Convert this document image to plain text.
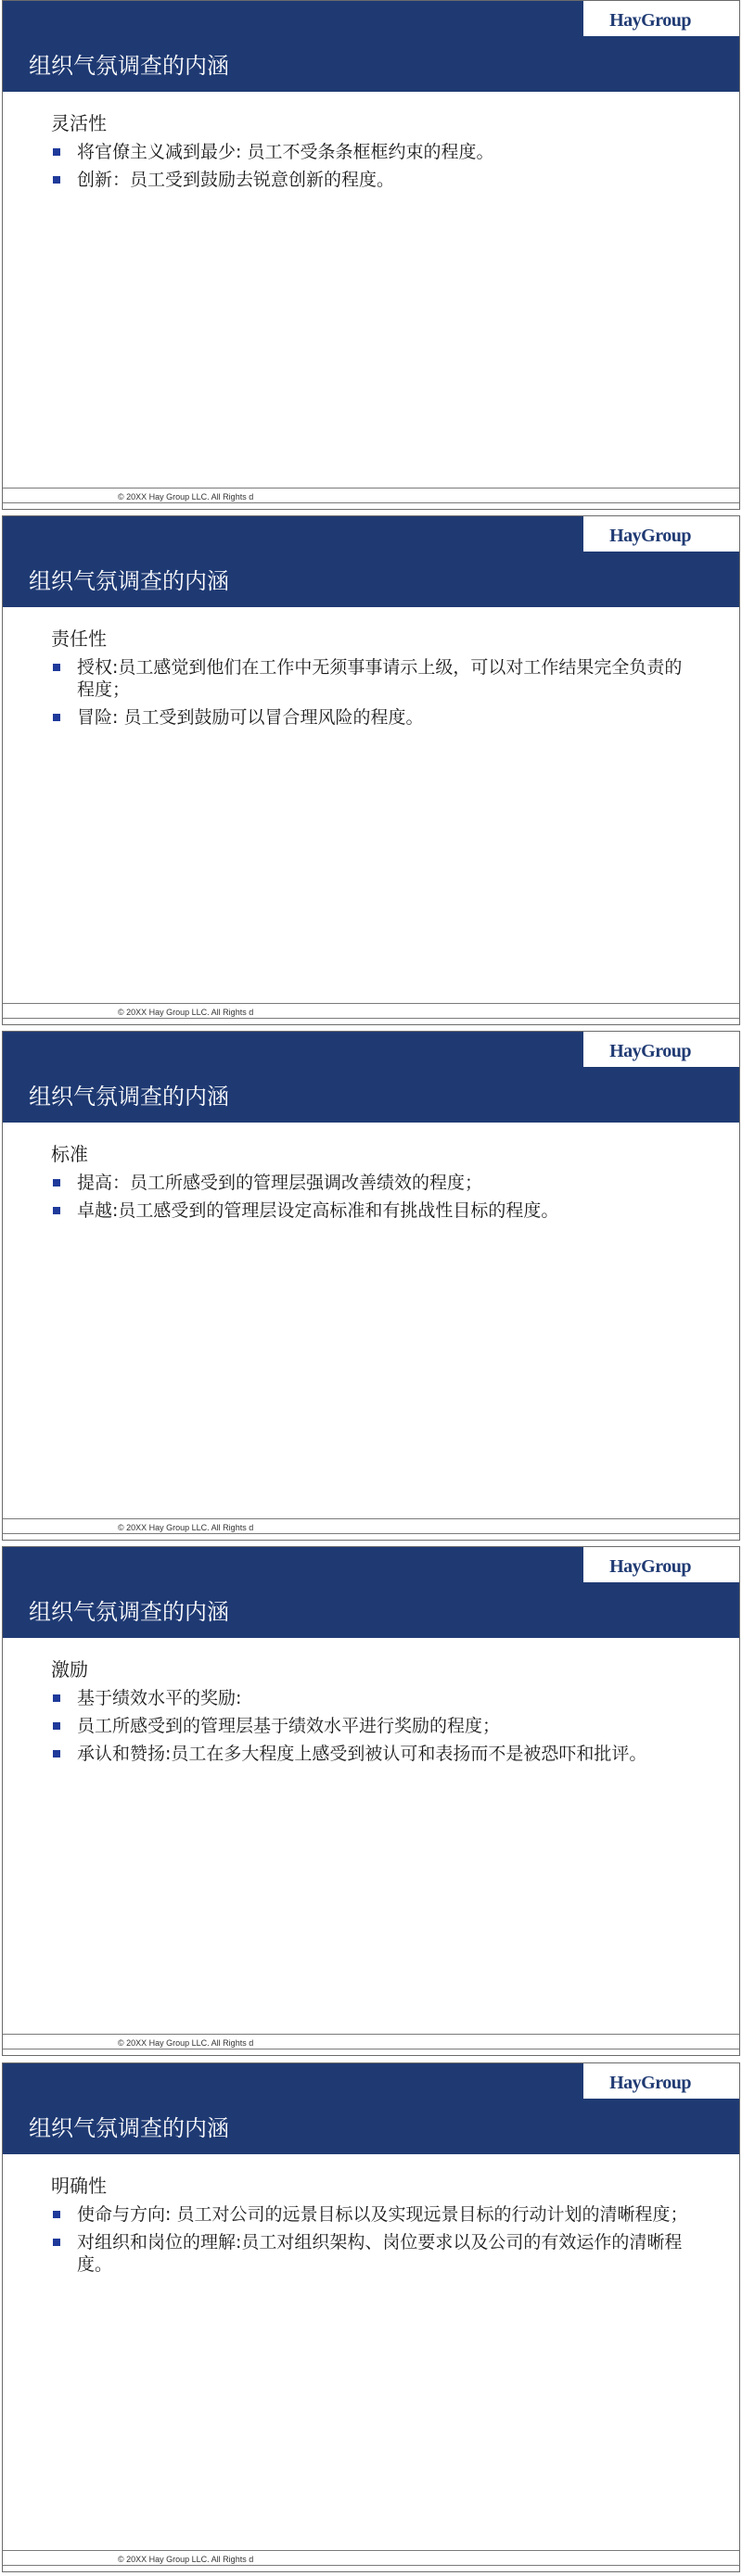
HayGroup
组织气氛调查的内涵
灵活性
将官僚主义减到最少: 员工不受条条框框约束的程度。
创新：员工受到鼓励去锐意创新的程度。
© 20XX Hay Group LLC. All Rights d
HayGroup
组织气氛调查的内涵
责任性
授权:员工感觉到他们在工作中无须事事请示上级，可以对工作结果完全负责的程度；
冒险: 员工受到鼓励可以冒合理风险的程度。
© 20XX Hay Group LLC. All Rights d
HayGroup
组织气氛调查的内涵
标准
提高：员工所感受到的管理层强调改善绩效的程度；
卓越:员工感受到的管理层设定高标准和有挑战性目标的程度。
© 20XX Hay Group LLC. All Rights d
HayGroup
组织气氛调查的内涵
激励
基于绩效水平的奖励:
员工所感受到的管理层基于绩效水平进行奖励的程度；
承认和赞扬:员工在多大程度上感受到被认可和表扬而不是被恐吓和批评。
© 20XX Hay Group LLC. All Rights d
HayGroup
组织气氛调查的内涵
明确性
使命与方向: 员工对公司的远景目标以及实现远景目标的行动计划的清晰程度；
对组织和岗位的理解:员工对组织架构、岗位要求以及公司的有效运作的清晰程度。
© 20XX Hay Group LLC. All Rights d
